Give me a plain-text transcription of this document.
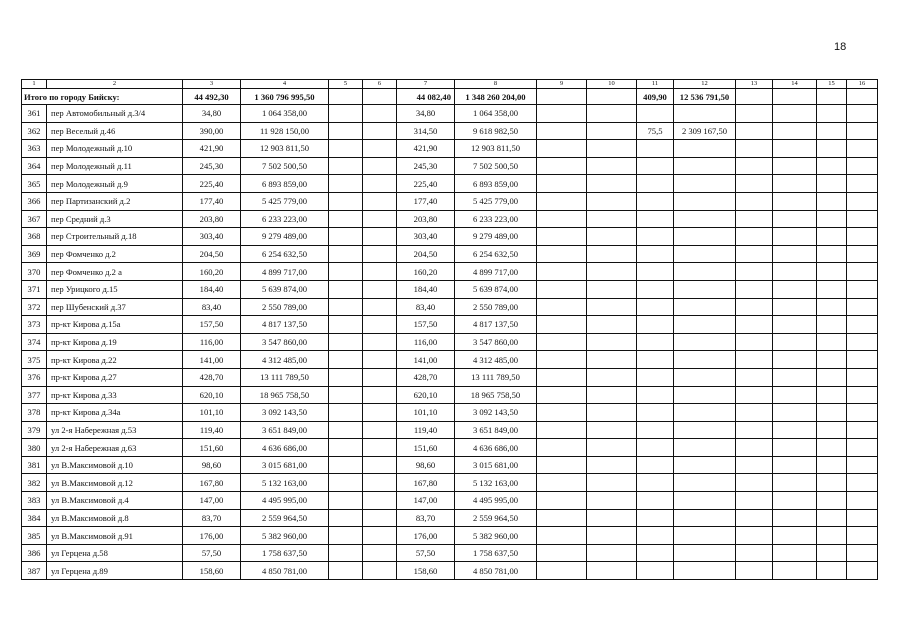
18
1	2	3	4	5	6	7	8	9	10	11	12	13	14	15	16
Итого по городу Бийску:		44 492,30	1 360 796 995,50			44 082,40	1 348 260 204,00			409,90	12 536 791,50				
361	пер Автомобильный д.3/4	34,80	1 064 358,00			34,80	1 064 358,00								
362	пер Веселый д.46	390,00	11 928 150,00			314,50	9 618 982,50			75,5	2 309 167,50				
363	пер Молодежный д.10	421,90	12 903 811,50			421,90	12 903 811,50								
364	пер Молодежный д.11	245,30	7 502 500,50			245,30	7 502 500,50								
365	пер Молодежный д.9	225,40	6 893 859,00			225,40	6 893 859,00								
366	пер Партизанский д.2	177,40	5 425 779,00			177,40	5 425 779,00								
367	пер Средний д.3	203,80	6 233 223,00			203,80	6 233 223,00								
368	пер Строительный д.18	303,40	9 279 489,00			303,40	9 279 489,00								
369	пер Фомченко д.2	204,50	6 254 632,50			204,50	6 254 632,50								
370	пер Фомченко д.2 а	160,20	4 899 717,00			160,20	4 899 717,00								
371	пер Урицкого д.15	184,40	5 639 874,00			184,40	5 639 874,00								
372	пер Шубенский д.37	83,40	2 550 789,00			83,40	2 550 789,00								
373	пр-кт Кирова д.15а	157,50	4 817 137,50			157,50	4 817 137,50								
374	пр-кт Кирова д.19	116,00	3 547 860,00			116,00	3 547 860,00								
375	пр-кт Кирова д.22	141,00	4 312 485,00			141,00	4 312 485,00								
376	пр-кт Кирова д.27	428,70	13 111 789,50			428,70	13 111 789,50								
377	пр-кт Кирова д.33	620,10	18 965 758,50			620,10	18 965 758,50								
378	пр-кт Кирова д.34а	101,10	3 092 143,50			101,10	3 092 143,50								
379	ул 2-я Набережная д.53	119,40	3 651 849,00			119,40	3 651 849,00								
380	ул 2-я Набережная д.63	151,60	4 636 686,00			151,60	4 636 686,00								
381	ул В.Максимовой д.10	98,60	3 015 681,00			98,60	3 015 681,00								
382	ул В.Максимовой д.12	167,80	5 132 163,00			167,80	5 132 163,00								
383	ул В.Максимовой д.4	147,00	4 495 995,00			147,00	4 495 995,00								
384	ул В.Максимовой д.8	83,70	2 559 964,50			83,70	2 559 964,50								
385	ул В.Максимовой д.91	176,00	5 382 960,00			176,00	5 382 960,00								
386	ул Герцена д.58	57,50	1 758 637,50			57,50	1 758 637,50								
387	ул Герцена д.89	158,60	4 850 781,00			158,60	4 850 781,00								
